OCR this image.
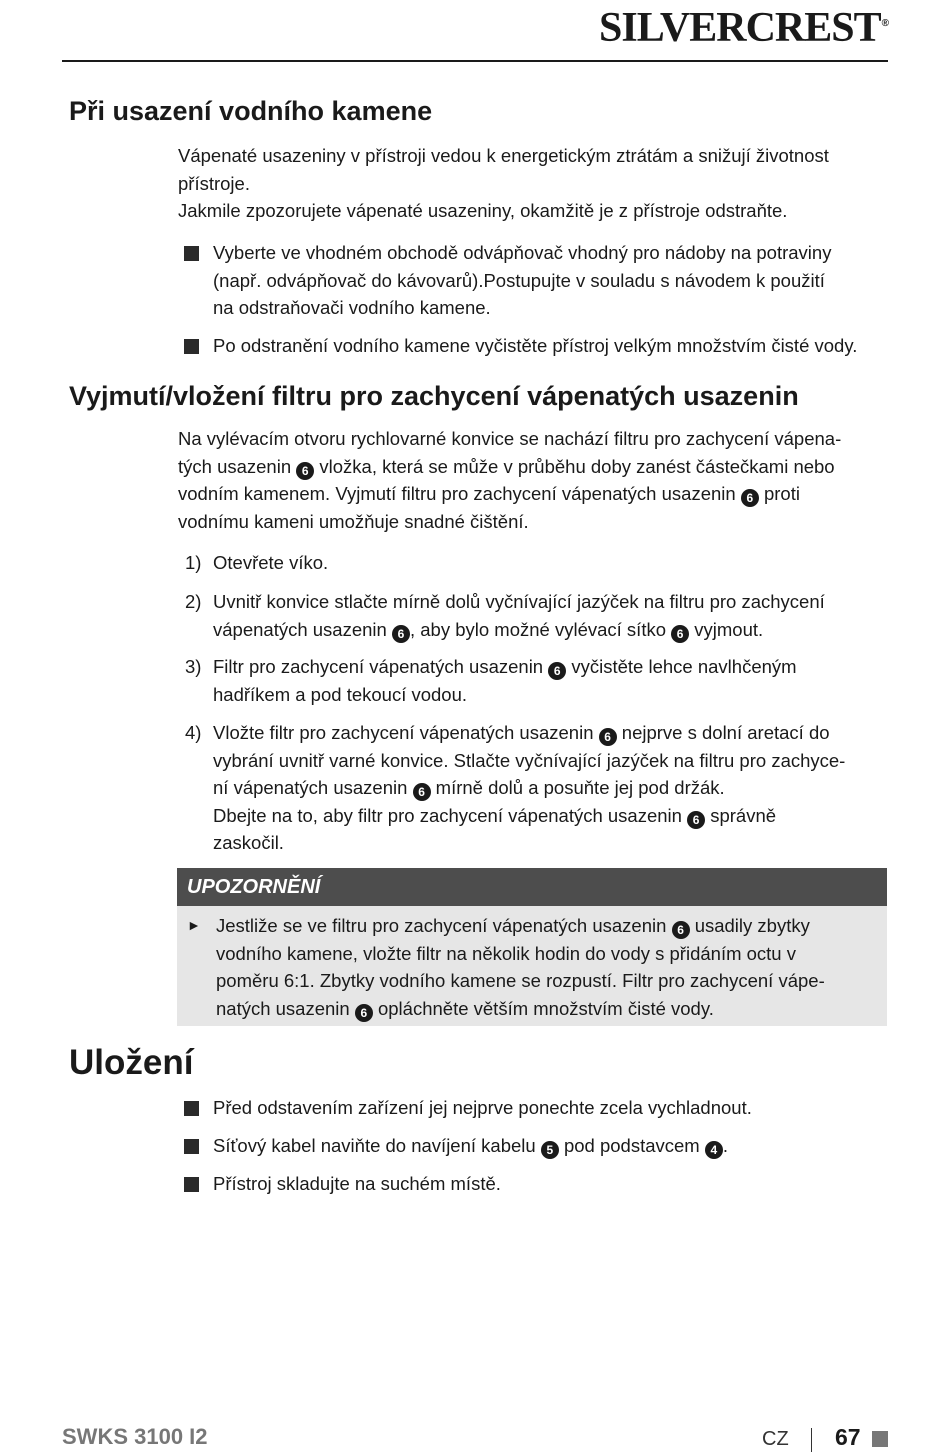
SILVERCREST®
Při usazení vodního kamene

Vápenaté usazeniny v přístroji vedou k energetickým ztrátám a snižují životnost

přístroje.

Jakmile zpozorujete vápenaté usazeniny, okamžitě je z přístroje odstraňte.

Vyberte ve vhodném obchodě odvápňovač vhodný pro nádoby na potraviny
(např. odvápňovač do kávovarů).Postupujte v souladu s návodem k použití
na odstraňovači vodního kamene.
Po odstranění vodního kamene vyčistěte přístroj velkým množstvím čisté vody.
Vyjmutí/vložení filtru pro zachycení vápenatých usazenin

Na vylévacím otvoru rychlovarné konvice se nachází filtru pro zachycení vápena-

tých usazenin 6 vložka, která se může v průběhu doby zanést částečkami nebo

vodním kamenem. Vyjmutí filtru pro zachycení vápenatých usazenin 6 proti

vodnímu kameni umožňuje snadné čištění.

1) Otevřete víko.
2) Uvnitř konvice stlačte mírně dolů vyčnívající jazýček na filtru pro zachycení
vápenatých usazenin 6 , aby bylo možné vylévací sítko 6 vyjmout.
3) Filtr pro zachycení vápenatých usazenin 6 vyčistěte lehce navlhčeným
hadříkem a pod tekoucí vodou.
4) Vložte filtr pro zachycení vápenatých usazenin 6 nejprve s dolní aretací do
vybrání uvnitř varné konvice. Stlačte vyčnívající jazýček na filtru pro zachyce-
ní vápenatých usazenin 6 mírně dolů a posuňte jej pod držák.
Dbejte na to, aby filtr pro zachycení vápenatých usazenin 6 správně
zaskočil.
UPOZORNĚNÍ
► Jestliže se ve filtru pro zachycení vápenatých usazenin 6 usadily zbytky
vodního kamene, vložte filtr na několik hodin do vody s přidáním octu v
poměru 6:1. Zbytky vodního kamene se rozpustí. Filtr pro zachycení vápe-
natých usazenin 6 opláchněte větším množstvím čisté vody.
Uložení
Před odstavením zařízení jej nejprve ponechte zcela vychladnout.
Síťový kabel naviňte do navíjení kabelu 5 pod podstavcem 4 .
Přístroj skladujte na suchém místě.
SWKS 3100 I2	CZ 67
